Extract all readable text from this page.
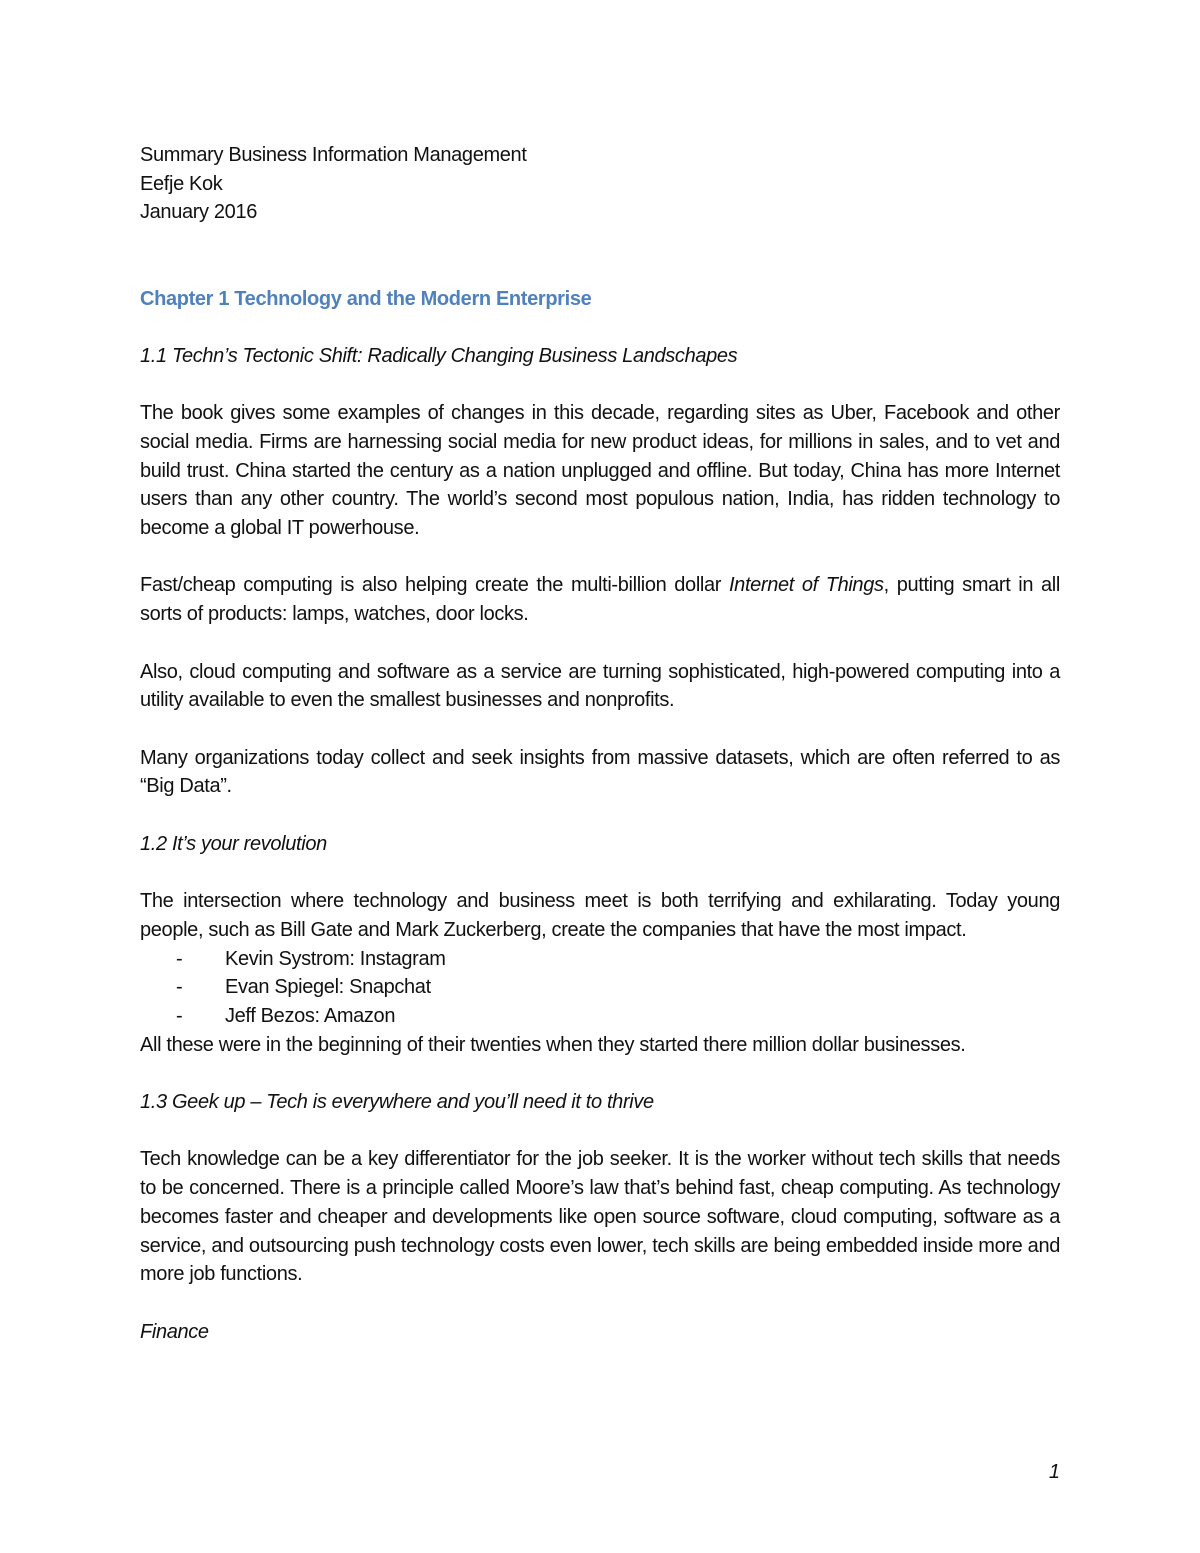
Summary Business Information Management

Eefje Kok

January 2016

Chapter 1 Technology and the Modern Enterprise

1.1 Techn’s Tectonic Shift: Radically Changing Business Landschapes

The book gives some examples of changes in this decade, regarding sites as Uber, Facebook and other social media. Firms are harnessing social media for new product ideas, for millions in sales, and to vet and build trust. China started the century as a nation unplugged and offline. But today, China has more Internet users than any other country. The world’s second most populous nation, India, has ridden technology to become a global IT powerhouse.

Fast/cheap computing is also helping create the multi-billion dollar Internet of Things, putting smart in all sorts of products: lamps, watches, door locks.

Also, cloud computing and software as a service are turning sophisticated, high-powered computing into a utility available to even the smallest businesses and nonprofits.

Many organizations today collect and seek insights from massive datasets, which are often referred to as “Big Data”.

1.2 It’s your revolution

The intersection where technology and business meet is both terrifying and exhilarating. Today young people, such as Bill Gate and Mark Zuckerberg, create the companies that have the most impact.

- Kevin Systrom: Instagram
- Evan Spiegel: Snapchat
- Jeff Bezos: Amazon

All these were in the beginning of their twenties when they started there million dollar businesses.

1.3 Geek up – Tech is everywhere and you’ll need it to thrive

Tech knowledge can be a key differentiator for the job seeker. It is the worker without tech skills that needs to be concerned. There is a principle called Moore’s law that’s behind fast, cheap computing. As technology becomes faster and cheaper and developments like open source software, cloud computing, software as a service, and outsourcing push technology costs even lower, tech skills are being embedded inside more and more job functions.

Finance

1
